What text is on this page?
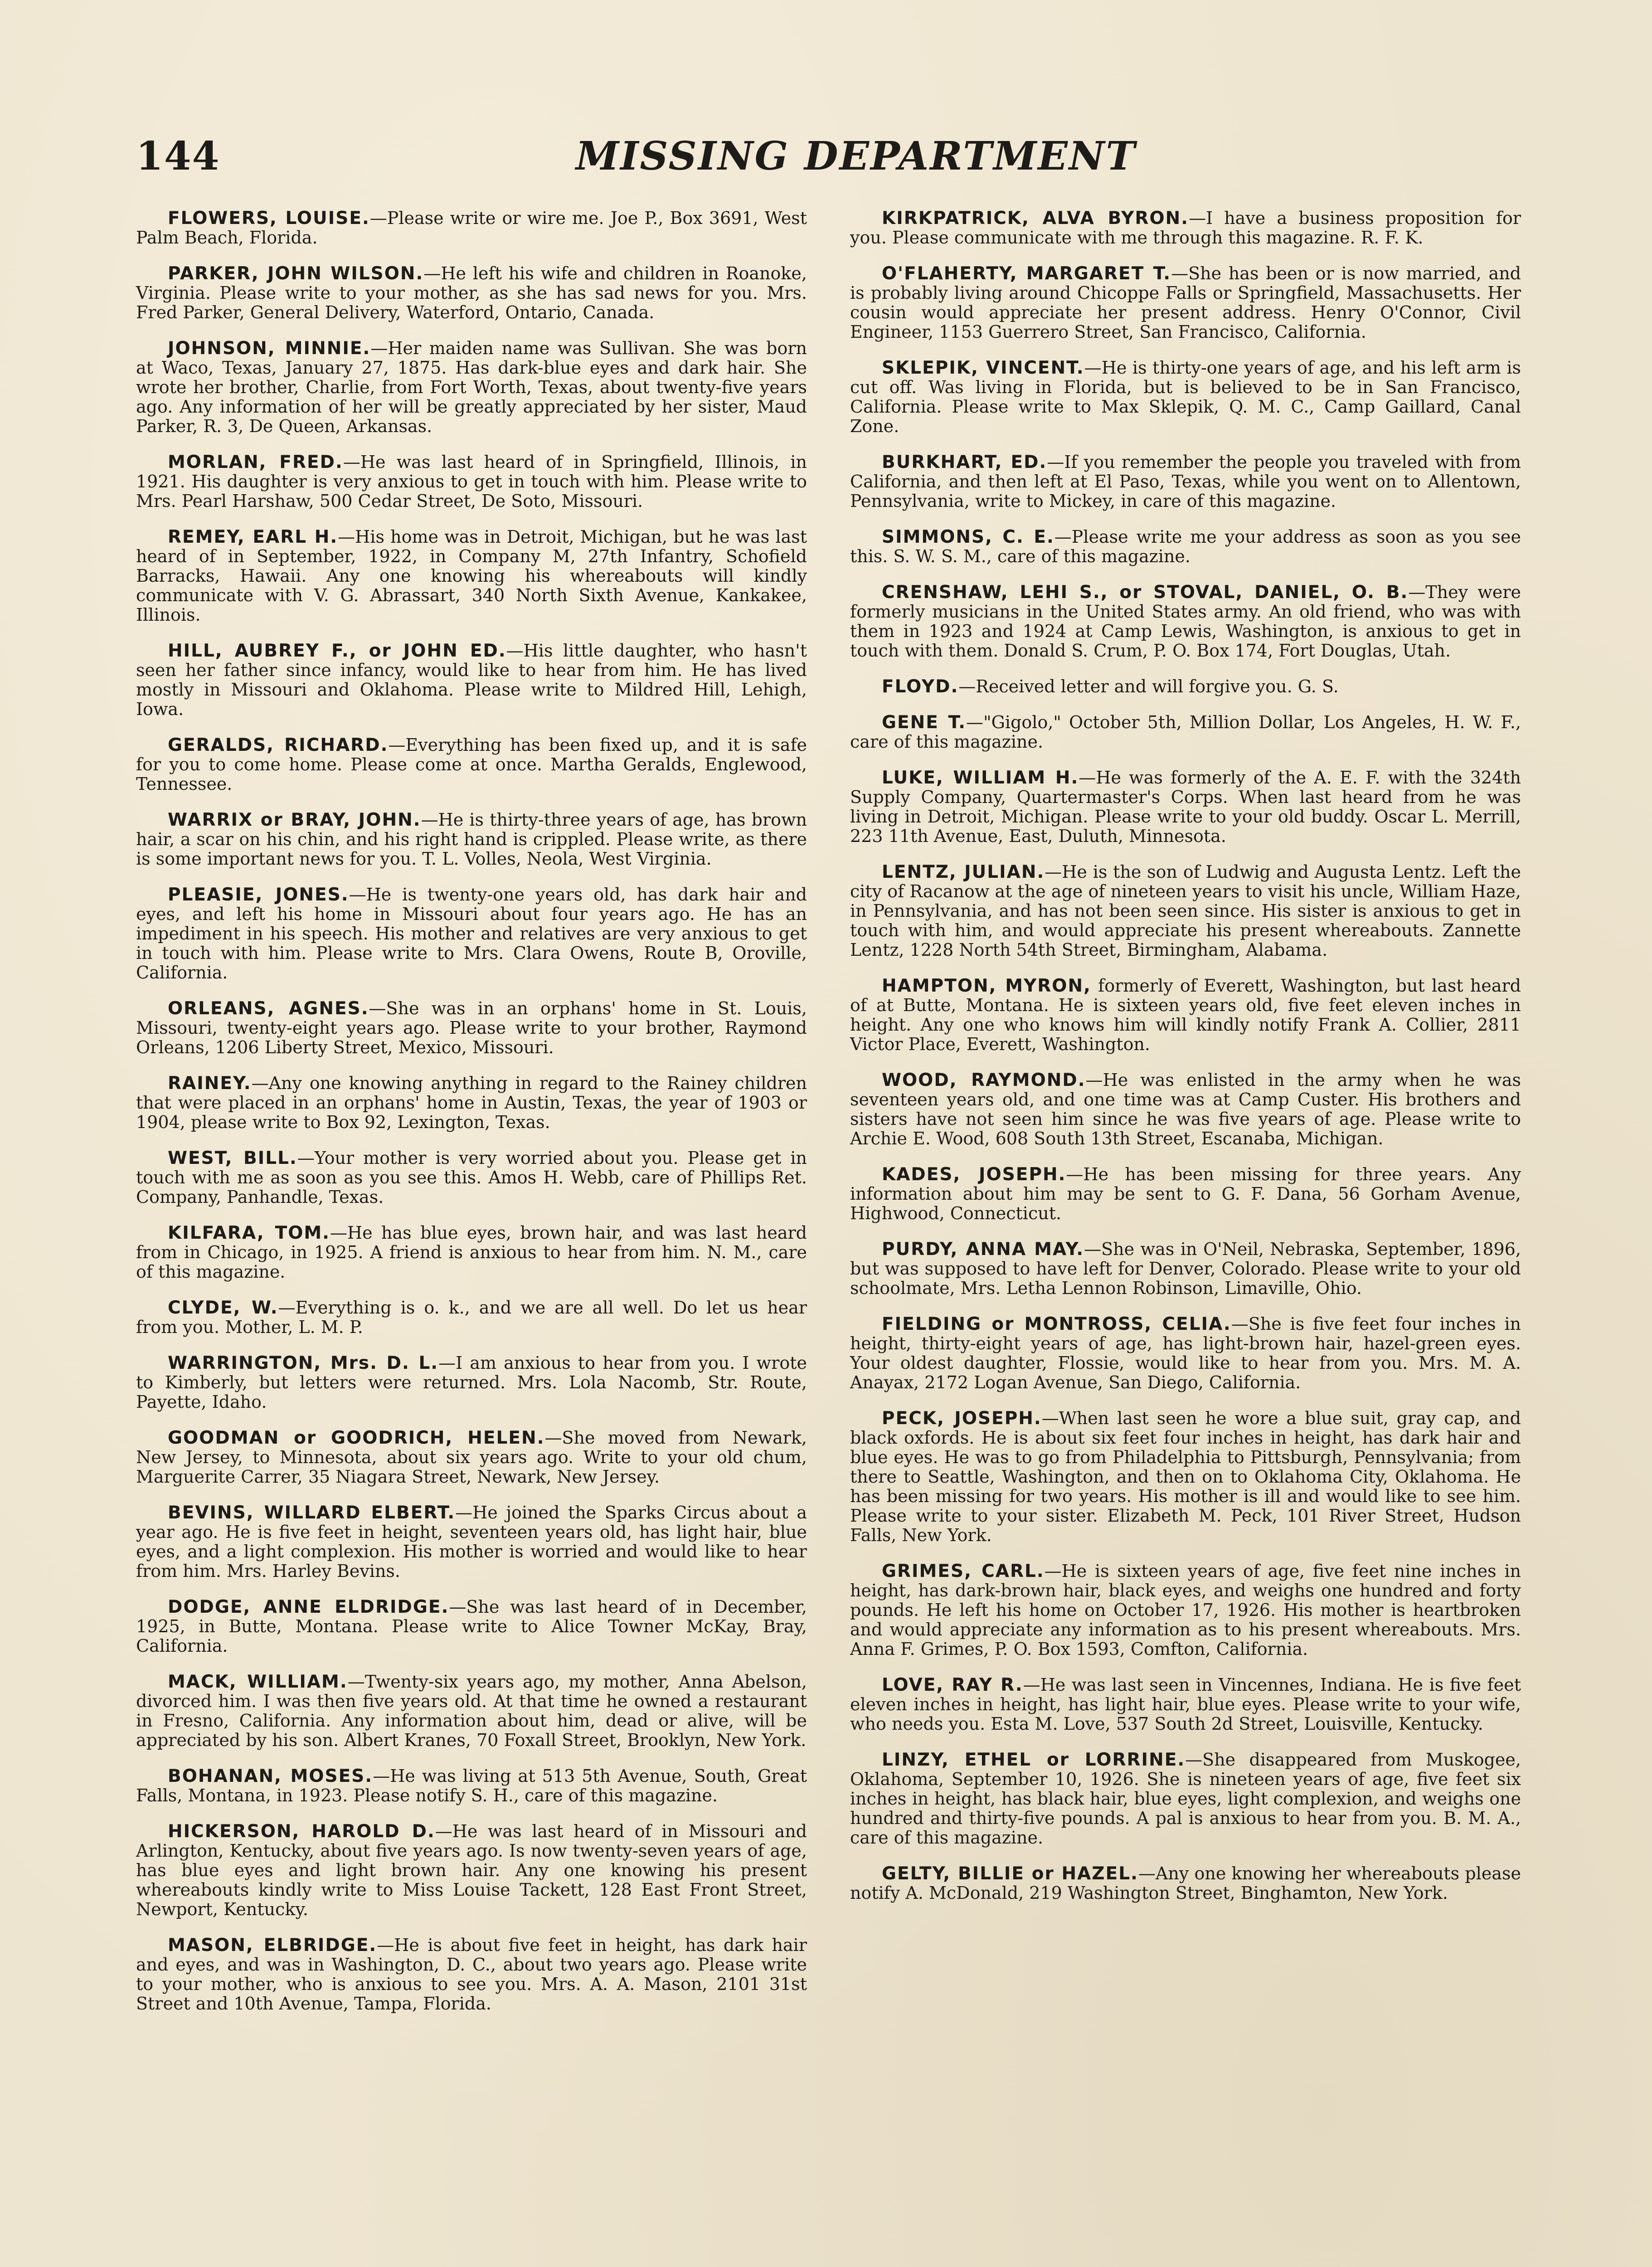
144	MISSING DEPARTMENT

FLOWERS, LOUISE.—Please write or wire me. Joe P., Box 3691, West Palm Beach, Florida.

PARKER, JOHN WILSON.—He left his wife and children in Roanoke, Virginia. Please write to your mother, as she has sad news for you. Mrs. Fred Parker, General Delivery, Waterford, Ontario, Canada.

JOHNSON, MINNIE.—Her maiden name was Sullivan. She was born at Waco, Texas, January 27, 1875. Has dark-blue eyes and dark hair. She wrote her brother, Charlie, from Fort Worth, Texas, about twenty-five years ago. Any information of her will be greatly appreciated by her sister, Maud Parker, R. 3, De Queen, Arkansas.

MORLAN, FRED.—He was last heard of in Springfield, Illinois, in 1921. His daughter is very anxious to get in touch with him. Please write to Mrs. Pearl Harshaw, 500 Cedar Street, De Soto, Missouri.

REMEY, EARL H.—His home was in Detroit, Michigan, but he was last heard of in September, 1922, in Company M, 27th Infantry, Schofield Barracks, Hawaii. Any one knowing his whereabouts will kindly communicate with V. G. Abrassart, 340 North Sixth Avenue, Kankakee, Illinois.

HILL, AUBREY F., or JOHN ED.—His little daughter, who hasn't seen her father since infancy, would like to hear from him. He has lived mostly in Missouri and Oklahoma. Please write to Mildred Hill, Lehigh, Iowa.

GERALDS, RICHARD.—Everything has been fixed up, and it is safe for you to come home. Please come at once. Martha Geralds, Englewood, Tennessee.

WARRIX or BRAY, JOHN.—He is thirty-three years of age, has brown hair, a scar on his chin, and his right hand is crippled. Please write, as there is some important news for you. T. L. Volles, Neola, West Virginia.

PLEASIE, JONES.—He is twenty-one years old, has dark hair and eyes, and left his home in Missouri about four years ago. He has an impediment in his speech. His mother and relatives are very anxious to get in touch with him. Please write to Mrs. Clara Owens, Route B, Oroville, California.

ORLEANS, AGNES.—She was in an orphans' home in St. Louis, Missouri, twenty-eight years ago. Please write to your brother, Raymond Orleans, 1206 Liberty Street, Mexico, Missouri.

RAINEY.—Any one knowing anything in regard to the Rainey children that were placed in an orphans' home in Austin, Texas, the year of 1903 or 1904, please write to Box 92, Lexington, Texas.

WEST, BILL.—Your mother is very worried about you. Please get in touch with me as soon as you see this. Amos H. Webb, care of Phillips Ret. Company, Panhandle, Texas.

KILFARA, TOM.—He has blue eyes, brown hair, and was last heard from in Chicago, in 1925. A friend is anxious to hear from him. N. M., care of this magazine.

CLYDE, W.—Everything is o. k., and we are all well. Do let us hear from you. Mother, L. M. P.

WARRINGTON, Mrs. D. L.—I am anxious to hear from you. I wrote to Kimberly, but letters were returned. Mrs. Lola Nacomb, Str. Route, Payette, Idaho.

GOODMAN or GOODRICH, HELEN.—She moved from Newark, New Jersey, to Minnesota, about six years ago. Write to your old chum, Marguerite Carrer, 35 Niagara Street, Newark, New Jersey.

BEVINS, WILLARD ELBERT.—He joined the Sparks Circus about a year ago. He is five feet in height, seventeen years old, has light hair, blue eyes, and a light complexion. His mother is worried and would like to hear from him. Mrs. Harley Bevins.

DODGE, ANNE ELDRIDGE.—She was last heard of in December, 1925, in Butte, Montana. Please write to Alice Towner McKay, Bray, California.

MACK, WILLIAM.—Twenty-six years ago, my mother, Anna Abelson, divorced him. I was then five years old. At that time he owned a restaurant in Fresno, California. Any information about him, dead or alive, will be appreciated by his son. Albert Kranes, 70 Foxall Street, Brooklyn, New York.

BOHANAN, MOSES.—He was living at 513 5th Avenue, South, Great Falls, Montana, in 1923. Please notify S. H., care of this magazine.

HICKERSON, HAROLD D.—He was last heard of in Missouri and Arlington, Kentucky, about five years ago. Is now twenty-seven years of age, has blue eyes and light brown hair. Any one knowing his present whereabouts kindly write to Miss Louise Tackett, 128 East Front Street, Newport, Kentucky.

MASON, ELBRIDGE.—He is about five feet in height, has dark hair and eyes, and was in Washington, D. C., about two years ago. Please write to your mother, who is anxious to see you. Mrs. A. A. Mason, 2101 31st Street and 10th Avenue, Tampa, Florida.

KIRKPATRICK, ALVA BYRON.—I have a business proposition for you. Please communicate with me through this magazine. R. F. K.

O'FLAHERTY, MARGARET T.—She has been or is now married, and is probably living around Chicoppe Falls or Springfield, Massachusetts. Her cousin would appreciate her present address. Henry O'Connor, Civil Engineer, 1153 Guerrero Street, San Francisco, California.

SKLEPIK, VINCENT.—He is thirty-one years of age, and his left arm is cut off. Was living in Florida, but is believed to be in San Francisco, California. Please write to Max Sklepik, Q. M. C., Camp Gaillard, Canal Zone.

BURKHART, ED.—If you remember the people you traveled with from California, and then left at El Paso, Texas, while you went on to Allentown, Pennsylvania, write to Mickey, in care of this magazine.

SIMMONS, C. E.—Please write me your address as soon as you see this. S. W. S. M., care of this magazine.

CRENSHAW, LEHI S., or STOVAL, DANIEL, O. B.—They were formerly musicians in the United States army. An old friend, who was with them in 1923 and 1924 at Camp Lewis, Washington, is anxious to get in touch with them. Donald S. Crum, P. O. Box 174, Fort Douglas, Utah.

FLOYD.—Received letter and will forgive you. G. S.

GENE T.—"Gigolo," October 5th, Million Dollar, Los Angeles, H. W. F., care of this magazine.

LUKE, WILLIAM H.—He was formerly of the A. E. F. with the 324th Supply Company, Quartermaster's Corps. When last heard from he was living in Detroit, Michigan. Please write to your old buddy. Oscar L. Merrill, 223 11th Avenue, East, Duluth, Minnesota.

LENTZ, JULIAN.—He is the son of Ludwig and Augusta Lentz. Left the city of Racanow at the age of nineteen years to visit his uncle, William Haze, in Pennsylvania, and has not been seen since. His sister is anxious to get in touch with him, and would appreciate his present whereabouts. Zannette Lentz, 1228 North 54th Street, Birmingham, Alabama.

HAMPTON, MYRON, formerly of Everett, Washington, but last heard of at Butte, Montana. He is sixteen years old, five feet eleven inches in height. Any one who knows him will kindly notify Frank A. Collier, 2811 Victor Place, Everett, Washington.

WOOD, RAYMOND.—He was enlisted in the army when he was seventeen years old, and one time was at Camp Custer. His brothers and sisters have not seen him since he was five years of age. Please write to Archie E. Wood, 608 South 13th Street, Escanaba, Michigan.

KADES, JOSEPH.—He has been missing for three years. Any information about him may be sent to G. F. Dana, 56 Gorham Avenue, Highwood, Connecticut.

PURDY, ANNA MAY.—She was in O'Neil, Nebraska, September, 1896, but was supposed to have left for Denver, Colorado. Please write to your old schoolmate, Mrs. Letha Lennon Robinson, Limaville, Ohio.

FIELDING or MONTROSS, CELIA.—She is five feet four inches in height, thirty-eight years of age, has light-brown hair, hazel-green eyes. Your oldest daughter, Flossie, would like to hear from you. Mrs. M. A. Anayax, 2172 Logan Avenue, San Diego, California.

PECK, JOSEPH.—When last seen he wore a blue suit, gray cap, and black oxfords. He is about six feet four inches in height, has dark hair and blue eyes. He was to go from Philadelphia to Pittsburgh, Pennsylvania; from there to Seattle, Washington, and then on to Oklahoma City, Oklahoma. He has been missing for two years. His mother is ill and would like to see him. Please write to your sister. Elizabeth M. Peck, 101 River Street, Hudson Falls, New York.

GRIMES, CARL.—He is sixteen years of age, five feet nine inches in height, has dark-brown hair, black eyes, and weighs one hundred and forty pounds. He left his home on October 17, 1926. His mother is heartbroken and would appreciate any information as to his present whereabouts. Mrs. Anna F. Grimes, P. O. Box 1593, Comfton, California.

LOVE, RAY R.—He was last seen in Vincennes, Indiana. He is five feet eleven inches in height, has light hair, blue eyes. Please write to your wife, who needs you. Esta M. Love, 537 South 2d Street, Louisville, Kentucky.

LINZY, ETHEL or LORRINE.—She disappeared from Muskogee, Oklahoma, September 10, 1926. She is nineteen years of age, five feet six inches in height, has black hair, blue eyes, light complexion, and weighs one hundred and thirty-five pounds. A pal is anxious to hear from you. B. M. A., care of this magazine.

GELTY, BILLIE or HAZEL.—Any one knowing her whereabouts please notify A. McDonald, 219 Washington Street, Binghamton, New York.
